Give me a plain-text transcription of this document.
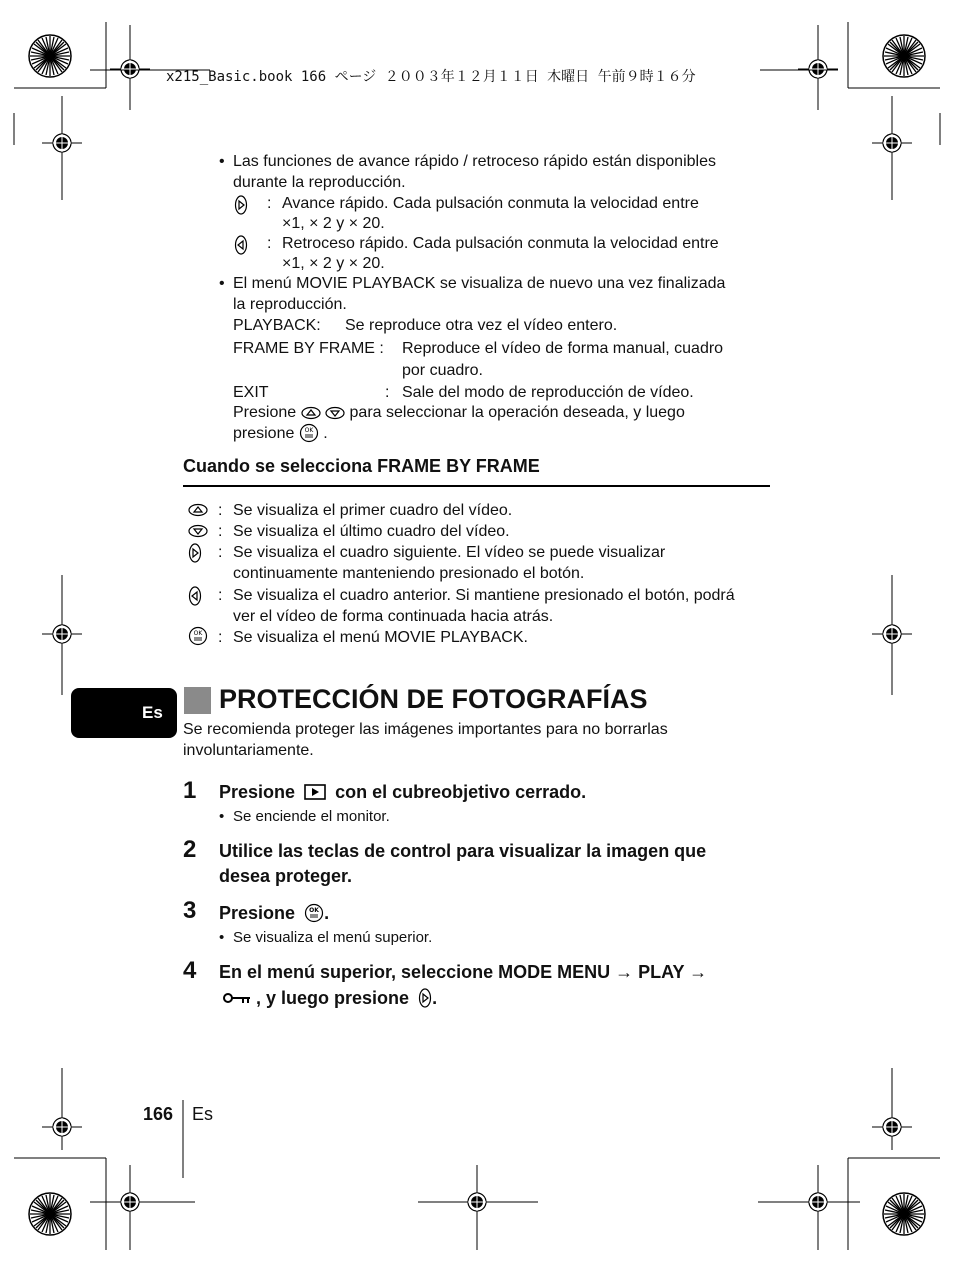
x215_Basic.book 166 ページ ２００３年１２月１１日 木曜日 午前９時１６分
• Las funciones de avance rápido / retroceso rápido están disponibles
durante la reproducción.
: Avance rápido. Cada pulsación conmuta la velocidad entre
×1, × 2 y × 20.
: Retroceso rápido. Cada pulsación conmuta la velocidad entre
×1, × 2 y × 20.
• El menú MOVIE PLAYBACK se visualiza de nuevo una vez finalizada
la reproducción.
PLAYBACK: Se reproduce otra vez el vídeo entero.
FRAME BY FRAME : Reproduce el vídeo de forma manual, cuadro
por cuadro.
EXIT	: Sale del modo de reproducción de vídeo.
Presione	para seleccionar la operación deseada, y luego
presione OK .
Cuando se selecciona FRAME BY FRAME
: Se visualiza el primer cuadro del vídeo.
: Se visualiza el último cuadro del vídeo.
: Se visualiza el cuadro siguiente. El vídeo se puede visualizar
continuamente manteniendo presionado el botón.
: Se visualiza el cuadro anterior. Si mantiene presionado el botón, podrá
ver el vídeo de forma continuada hacia atrás.
OK : Se visualiza el menú MOVIE PLAYBACK.
Es PROTECCIÓN DE FOTOGRAFÍAS
Se recomienda proteger las imágenes importantes para no borrarlas
involuntariamente.
1 Presione con el cubreobjetivo cerrado.
• Se enciende el monitor.
2 Utilice las teclas de control para visualizar la imagen que
desea proteger.
3 Presione OK .
• Se visualiza el menú superior.
4 En el menú superior, seleccione MODE MENU → PLAY →
, y luego presione .
166 Es
